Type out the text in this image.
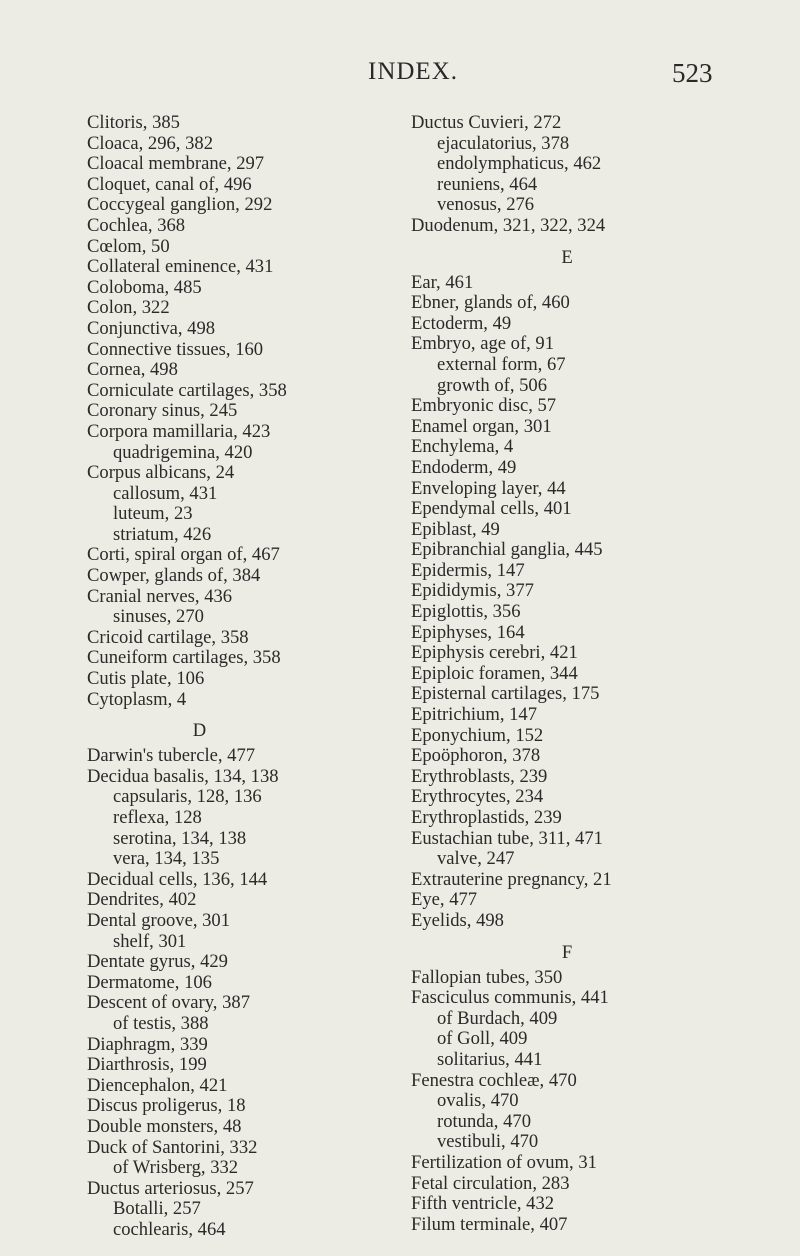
INDEX.	523
Clitoris, 385
Cloaca, 296, 382
Cloacal membrane, 297
Cloquet, canal of, 496
Coccygeal ganglion, 292
Cochlea, 368
Cœlom, 50
Collateral eminence, 431
Coloboma, 485
Colon, 322
Conjunctiva, 498
Connective tissues, 160
Cornea, 498
Corniculate cartilages, 358
Coronary sinus, 245
Corpora mamillaria, 423
quadrigemina, 420
Corpus albicans, 24
callosum, 431
luteum, 23
striatum, 426
Corti, spiral organ of, 467
Cowper, glands of, 384
Cranial nerves, 436
sinuses, 270
Cricoid cartilage, 358
Cuneiform cartilages, 358
Cutis plate, 106
Cytoplasm, 4
D
Darwin's tubercle, 477
Decidua basalis, 134, 138
capsularis, 128, 136
reflexa, 128
serotina, 134, 138
vera, 134, 135
Decidual cells, 136, 144
Dendrites, 402
Dental groove, 301
shelf, 301
Dentate gyrus, 429
Dermatome, 106
Descent of ovary, 387
of testis, 388
Diaphragm, 339
Diarthrosis, 199
Diencephalon, 421
Discus proligerus, 18
Double monsters, 48
Duck of Santorini, 332
of Wrisberg, 332
Ductus arteriosus, 257
Botalli, 257
cochlearis, 464
Ductus Cuvieri, 272
ejaculatorius, 378
endolymphaticus, 462
reuniens, 464
venosus, 276
Duodenum, 321, 322, 324
E
Ear, 461
Ebner, glands of, 460
Ectoderm, 49
Embryo, age of, 91
external form, 67
growth of, 506
Embryonic disc, 57
Enamel organ, 301
Enchylema, 4
Endoderm, 49
Enveloping layer, 44
Ependymal cells, 401
Epiblast, 49
Epibranchial ganglia, 445
Epidermis, 147
Epididymis, 377
Epiglottis, 356
Epiphyses, 164
Epiphysis cerebri, 421
Epiploic foramen, 344
Episternal cartilages, 175
Epitrichium, 147
Eponychium, 152
Epoöphoron, 378
Erythroblasts, 239
Erythrocytes, 234
Erythroplastids, 239
Eustachian tube, 311, 471
valve, 247
Extrauterine pregnancy, 21
Eye, 477
Eyelids, 498
F
Fallopian tubes, 350
Fasciculus communis, 441
of Burdach, 409
of Goll, 409
solitarius, 441
Fenestra cochleæ, 470
ovalis, 470
rotunda, 470
vestibuli, 470
Fertilization of ovum, 31
Fetal circulation, 283
Fifth ventricle, 432
Filum terminale, 407
